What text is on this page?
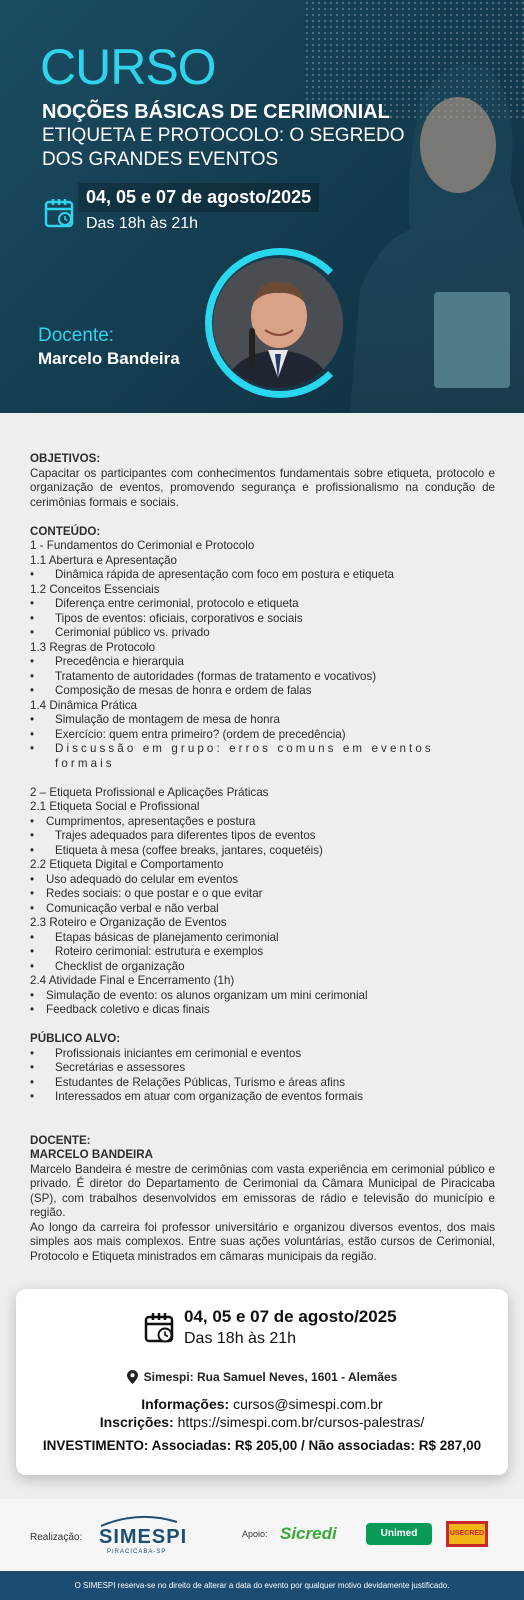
CURSO
NOÇÕES BÁSICAS DE CERIMONIAL
ETIQUETA E PROTOCOLO: O SEGREDO DOS GRANDES EVENTOS
04, 05 e 07 de agosto/2025
Das 18h às 21h
Docente:
Marcelo Bandeira
OBJETIVOS:

Capacitar os participantes com conhecimentos fundamentais sobre etiqueta, protocolo e organização de eventos, promovendo segurança e profissionalismo na condução de cerimônias formais e sociais.

CONTEÚDO:
1 - Fundamentos do Cerimonial e Protocolo
1.1 Abertura e Apresentação
• Dinâmica rápida de apresentação com foco em postura e etiqueta
1.2 Conceitos Essenciais
• Diferença entre cerimonial, protocolo e etiqueta
• Tipos de eventos: oficiais, corporativos e sociais
• Cerimonial público vs. privado
1.3 Regras de Protocolo
• Precedência e hierarquia
• Tratamento de autoridades (formas de tratamento e vocativos)
• Composição de mesas de honra e ordem de falas
1.4 Dinâmica Prática
• Simulação de montagem de mesa de honra
• Exercício: quem entra primeiro? (ordem de precedência)
• Discussão em grupo: erros comuns em eventos formais
2 – Etiqueta Profissional e Aplicações Práticas
2.1 Etiqueta Social e Profissional
• Cumprimentos, apresentações e postura
• Trajes adequados para diferentes tipos de eventos
• Etiqueta à mesa (coffee breaks, jantares, coquetéis)
2.2 Etiqueta Digital e Comportamento
• Uso adequado do celular em eventos
• Redes sociais: o que postar e o que evitar
• Comunicação verbal e não verbal
2.3 Roteiro e Organização de Eventos
• Etapas básicas de planejamento cerimonial
• Roteiro cerimonial: estrutura e exemplos
• Checklist de organização
2.4 Atividade Final e Encerramento (1h)
• Simulação de evento: os alunos organizam um mini cerimonial
• Feedback coletivo e dicas finais
PÚBLICO ALVO:
• Profissionais iniciantes em cerimonial e eventos
• Secretárias e assessores
• Estudantes de Relações Públicas, Turismo e áreas afins
• Interessados em atuar com organização de eventos formais
DOCENTE:
MARCELO BANDEIRA

Marcelo Bandeira é mestre de cerimônias com vasta experiência em cerimonial público e privado. É diretor do Departamento de Cerimonial da Câmara Municipal de Piracicaba (SP), com trabalhos desenvolvidos em emissoras de rádio e televisão do município e região.

Ao longo da carreira foi professor universitário e organizou diversos eventos, dos mais simples aos mais complexos. Entre suas ações voluntárias, estão cursos de Cerimonial, Protocolo e Etiqueta ministrados em câmaras municipais da região.

04, 05 e 07 de agosto/2025
Das 18h às 21h
Simespi: Rua Samuel Neves, 1601 - Alemães
Informações: cursos@simespi.com.br
Inscrições: https://simespi.com.br/cursos-palestras/
INVESTIMENTO: Associadas: R$ 205,00 / Não associadas: R$ 287,00
Realização: SIMESPI
PIRACICABA-SP
Apoio: Sicredi	Unimed	USECRED
O SIMESPI reserva-se no direito de alterar a data do evento por qualquer motivo devidamente justificado.
